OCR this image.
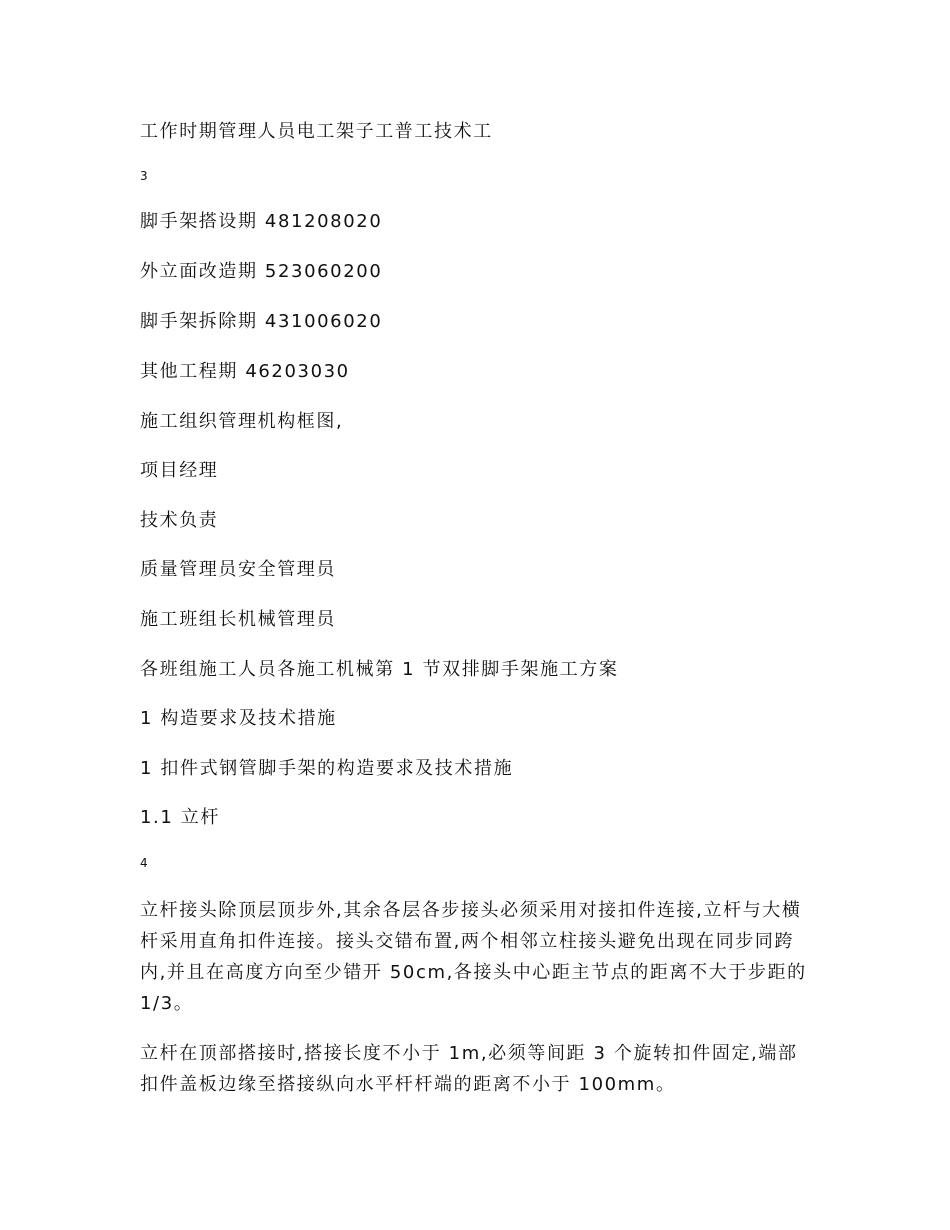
工作时期管理人员电工架子工普工技术工
3
脚手架搭设期 481208020
外立面改造期 523060200
脚手架拆除期 431006020
其他工程期 46203030
施工组织管理机构框图,
项目经理
技术负责
质量管理员安全管理员
施工班组长机械管理员
各班组施工人员各施工机械第 1 节双排脚手架施工方案
1 构造要求及技术措施
1 扣件式钢管脚手架的构造要求及技术措施
1.1 立杆
4
立杆接头除顶层顶步外,其余各层各步接头必须采用对接扣件连接,立杆与大横杆采用直角扣件连接。接头交错布置,两个相邻立柱接头避免出现在同步同跨内,并且在高度方向至少错开 50cm,各接头中心距主节点的距离不大于步距的 1/3。
立杆在顶部搭接时,搭接长度不小于 1m,必须等间距 3 个旋转扣件固定,端部扣件盖板边缘至搭接纵向水平杆杆端的距离不小于 100mm。
